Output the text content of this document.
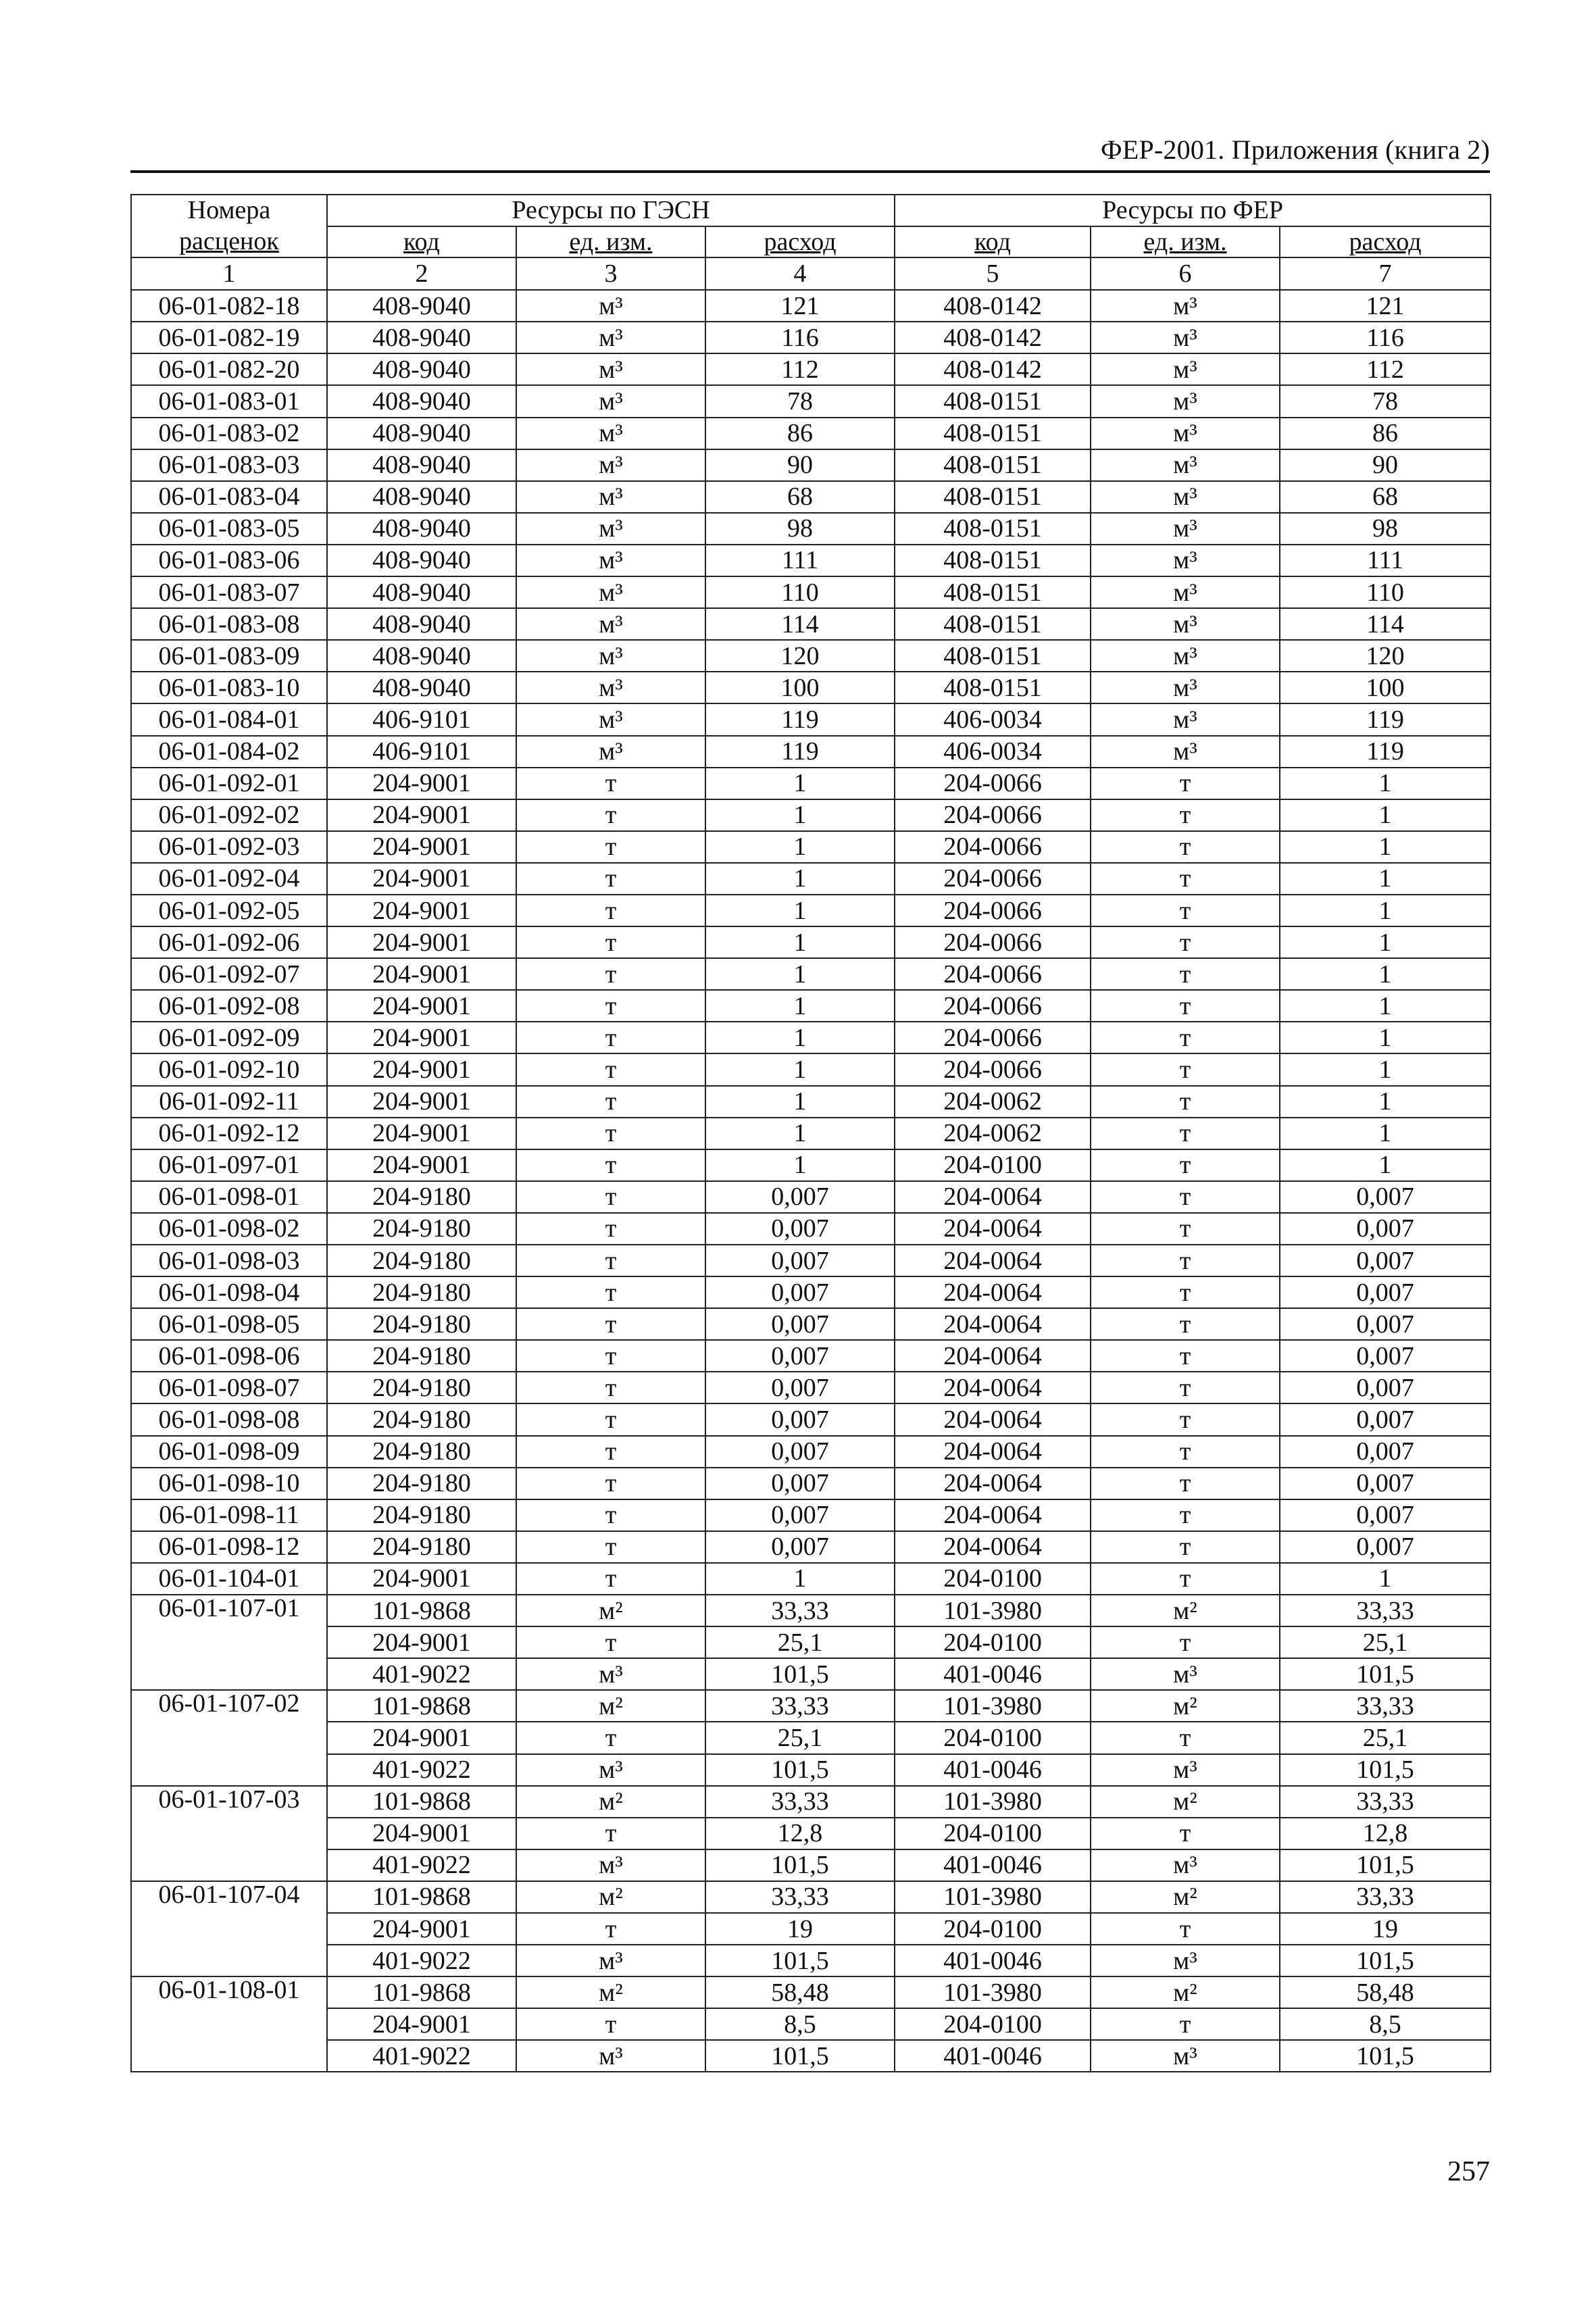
ФЕР-2001. Приложения (книга 2)
Номера
расценок	Ресурсы по ГЭСН			Ресурсы по ФЕР		
	код	ед. изм.	расход	код	ед. изм.	расход
1	2	3	4	5	6	7
06-01-082-18	408-9040	м³	121	408-0142	м³	121
06-01-082-19	408-9040	м³	116	408-0142	м³	116
06-01-082-20	408-9040	м³	112	408-0142	м³	112
06-01-083-01	408-9040	м³	78	408-0151	м³	78
06-01-083-02	408-9040	м³	86	408-0151	м³	86
06-01-083-03	408-9040	м³	90	408-0151	м³	90
06-01-083-04	408-9040	м³	68	408-0151	м³	68
06-01-083-05	408-9040	м³	98	408-0151	м³	98
06-01-083-06	408-9040	м³	111	408-0151	м³	111
06-01-083-07	408-9040	м³	110	408-0151	м³	110
06-01-083-08	408-9040	м³	114	408-0151	м³	114
06-01-083-09	408-9040	м³	120	408-0151	м³	120
06-01-083-10	408-9040	м³	100	408-0151	м³	100
06-01-084-01	406-9101	м³	119	406-0034	м³	119
06-01-084-02	406-9101	м³	119	406-0034	м³	119
06-01-092-01	204-9001	т	1	204-0066	т	1
06-01-092-02	204-9001	т	1	204-0066	т	1
06-01-092-03	204-9001	т	1	204-0066	т	1
06-01-092-04	204-9001	т	1	204-0066	т	1
06-01-092-05	204-9001	т	1	204-0066	т	1
06-01-092-06	204-9001	т	1	204-0066	т	1
06-01-092-07	204-9001	т	1	204-0066	т	1
06-01-092-08	204-9001	т	1	204-0066	т	1
06-01-092-09	204-9001	т	1	204-0066	т	1
06-01-092-10	204-9001	т	1	204-0066	т	1
06-01-092-11	204-9001	т	1	204-0062	т	1
06-01-092-12	204-9001	т	1	204-0062	т	1
06-01-097-01	204-9001	т	1	204-0100	т	1
06-01-098-01	204-9180	т	0,007	204-0064	т	0,007
06-01-098-02	204-9180	т	0,007	204-0064	т	0,007
06-01-098-03	204-9180	т	0,007	204-0064	т	0,007
06-01-098-04	204-9180	т	0,007	204-0064	т	0,007
06-01-098-05	204-9180	т	0,007	204-0064	т	0,007
06-01-098-06	204-9180	т	0,007	204-0064	т	0,007
06-01-098-07	204-9180	т	0,007	204-0064	т	0,007
06-01-098-08	204-9180	т	0,007	204-0064	т	0,007
06-01-098-09	204-9180	т	0,007	204-0064	т	0,007
06-01-098-10	204-9180	т	0,007	204-0064	т	0,007
06-01-098-11	204-9180	т	0,007	204-0064	т	0,007
06-01-098-12	204-9180	т	0,007	204-0064	т	0,007
06-01-104-01	204-9001	т	1	204-0100	т	1
06-01-107-01	101-9868	м²	33,33	101-3980	м²	33,33
	204-9001	т	25,1	204-0100	т	25,1
	401-9022	м³	101,5	401-0046	м³	101,5
06-01-107-02	101-9868	м²	33,33	101-3980	м²	33,33
	204-9001	т	25,1	204-0100	т	25,1
	401-9022	м³	101,5	401-0046	м³	101,5
06-01-107-03	101-9868	м²	33,33	101-3980	м²	33,33
	204-9001	т	12,8	204-0100	т	12,8
	401-9022	м³	101,5	401-0046	м³	101,5
06-01-107-04	101-9868	м²	33,33	101-3980	м²	33,33
	204-9001	т	19	204-0100	т	19
	401-9022	м³	101,5	401-0046	м³	101,5
06-01-108-01	101-9868	м²	58,48	101-3980	м²	58,48
	204-9001	т	8,5	204-0100	т	8,5
	401-9022	м³	101,5	401-0046	м³	101,5
257
